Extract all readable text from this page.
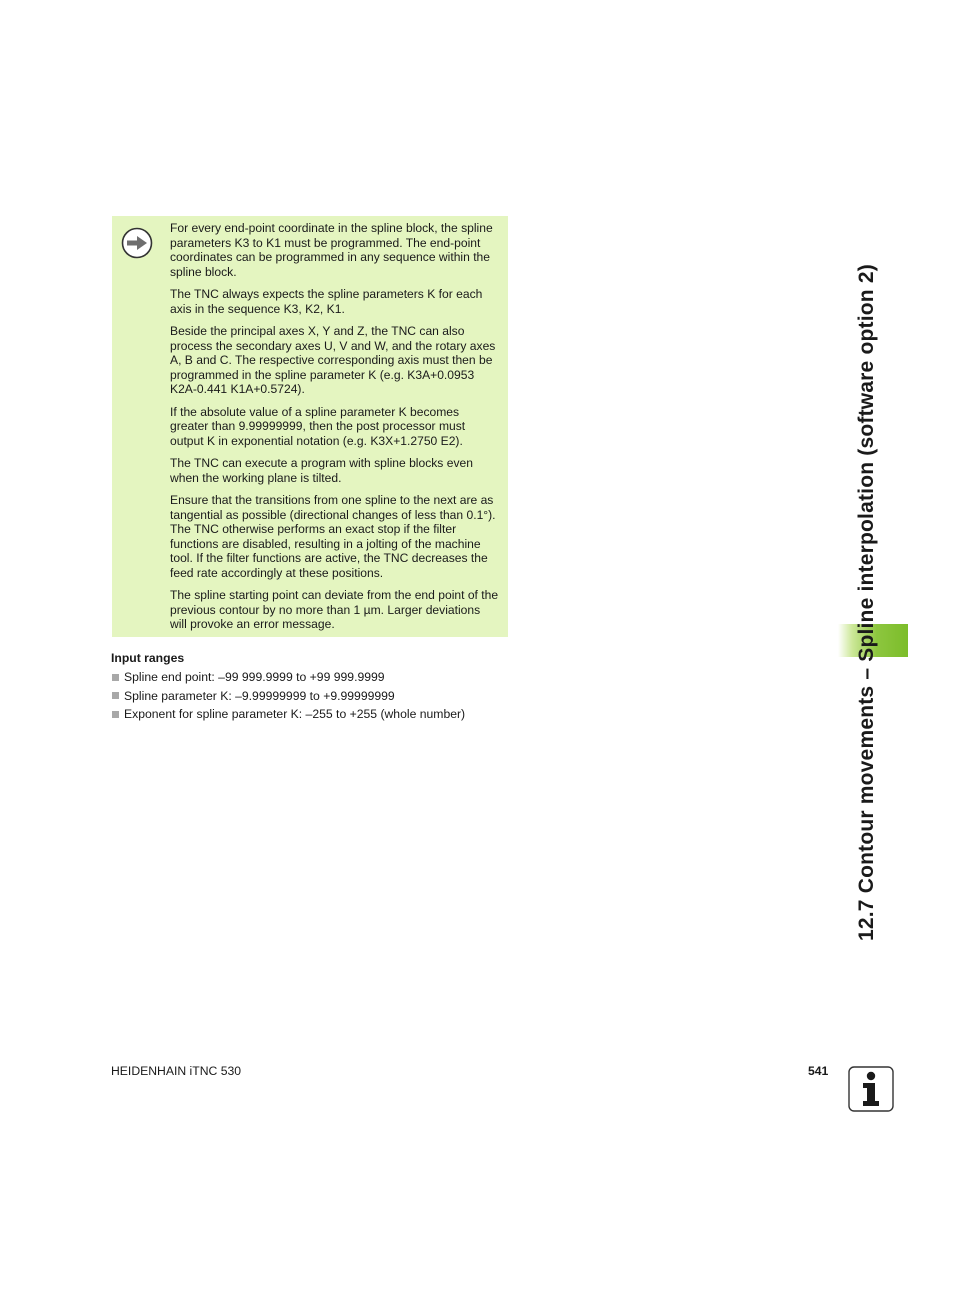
For every end-point coordinate in the spline block, the spline parameters K3 to K1 must be programmed. The end-point coordinates can be programmed in any sequence within the spline block.

The TNC always expects the spline parameters K for each axis in the sequence K3, K2, K1.

Beside the principal axes X, Y and Z, the TNC can also process the secondary axes U, V and W, and the rotary axes A, B and C. The respective corresponding axis must then be programmed in the spline parameter K (e.g. K3A+0.0953 K2A-0.441 K1A+0.5724).

If the absolute value of a spline parameter K becomes greater than 9.99999999, then the post processor must output K in exponential notation (e.g. K3X+1.2750 E2).

The TNC can execute a program with spline blocks even when the working plane is tilted.

Ensure that the transitions from one spline to the next are as tangential as possible (directional changes of less than 0.1°). The TNC otherwise performs an exact stop if the filter functions are disabled, resulting in a jolting of the machine tool. If the filter functions are active, the TNC decreases the feed rate accordingly at these positions.

The spline starting point can deviate from the end point of the previous contour by no more than 1 µm. Larger deviations will provoke an error message.

Input ranges
Spline end point: –99 999.9999 to +99 999.9999
Spline parameter K: –9.99999999 to +9.99999999
Exponent for spline parameter K: –255 to +255 (whole number)	12.7 Contour movements – Spline interpolation (software option 2)

HEIDENHAIN iTNC 530	541
